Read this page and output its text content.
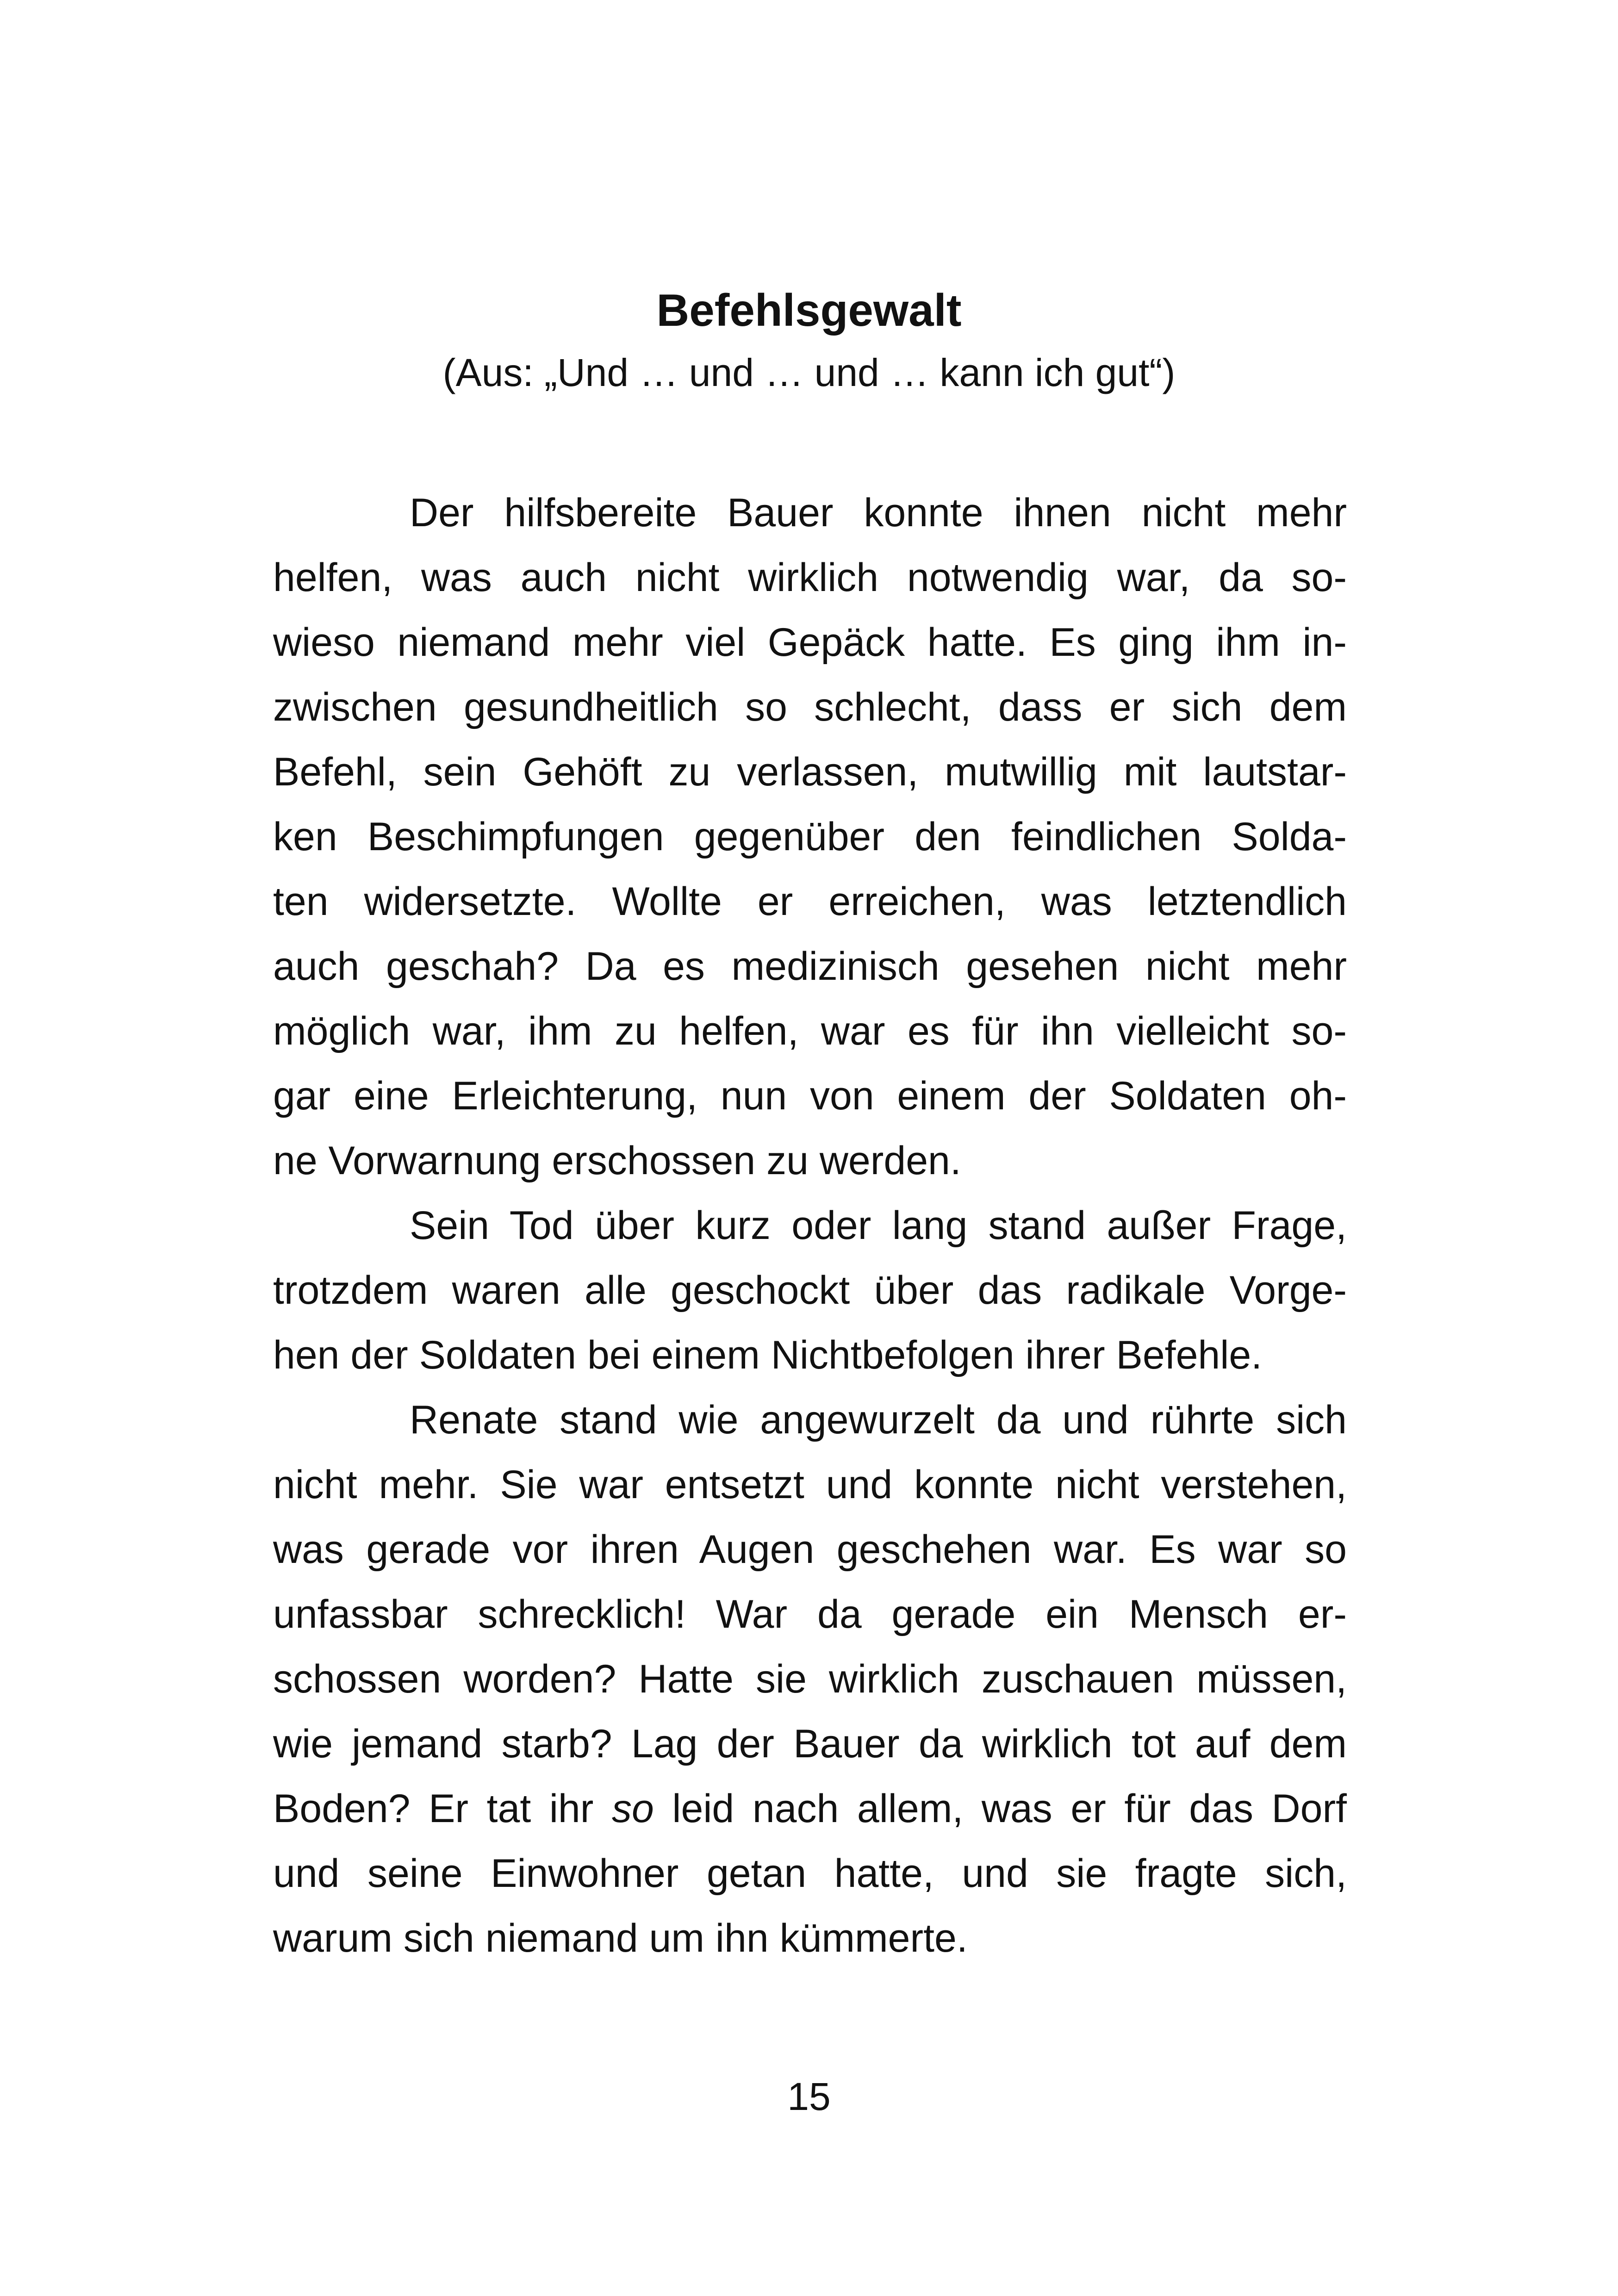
Befehlsgewalt

(Aus: „Und … und … und … kann ich gut“)

Der hilfsbereite Bauer konnte ihnen nicht mehr
helfen, was auch nicht wirklich notwendig war, da so-
wieso niemand mehr viel Gepäck hatte. Es ging ihm in-
zwischen gesundheitlich so schlecht, dass er sich dem
Befehl, sein Gehöft zu verlassen, mutwillig mit lautstar-
ken Beschimpfungen gegenüber den feindlichen Solda-
ten widersetzte. Wollte er erreichen, was letztendlich
auch geschah? Da es medizinisch gesehen nicht mehr
möglich war, ihm zu helfen, war es für ihn vielleicht so-
gar eine Erleichterung, nun von einem der Soldaten oh-
ne Vorwarnung erschossen zu werden.
Sein Tod über kurz oder lang stand außer Frage,
trotzdem waren alle geschockt über das radikale Vorge-
hen der Soldaten bei einem Nichtbefolgen ihrer Befehle.
Renate stand wie angewurzelt da und rührte sich
nicht mehr. Sie war entsetzt und konnte nicht verstehen,
was gerade vor ihren Augen geschehen war. Es war so
unfassbar schrecklich! War da gerade ein Mensch er-
schossen worden? Hatte sie wirklich zuschauen müssen,
wie jemand starb? Lag der Bauer da wirklich tot auf dem
Boden? Er tat ihr so leid nach allem, was er für das Dorf
und seine Einwohner getan hatte, und sie fragte sich,
warum sich niemand um ihn kümmerte.
15
